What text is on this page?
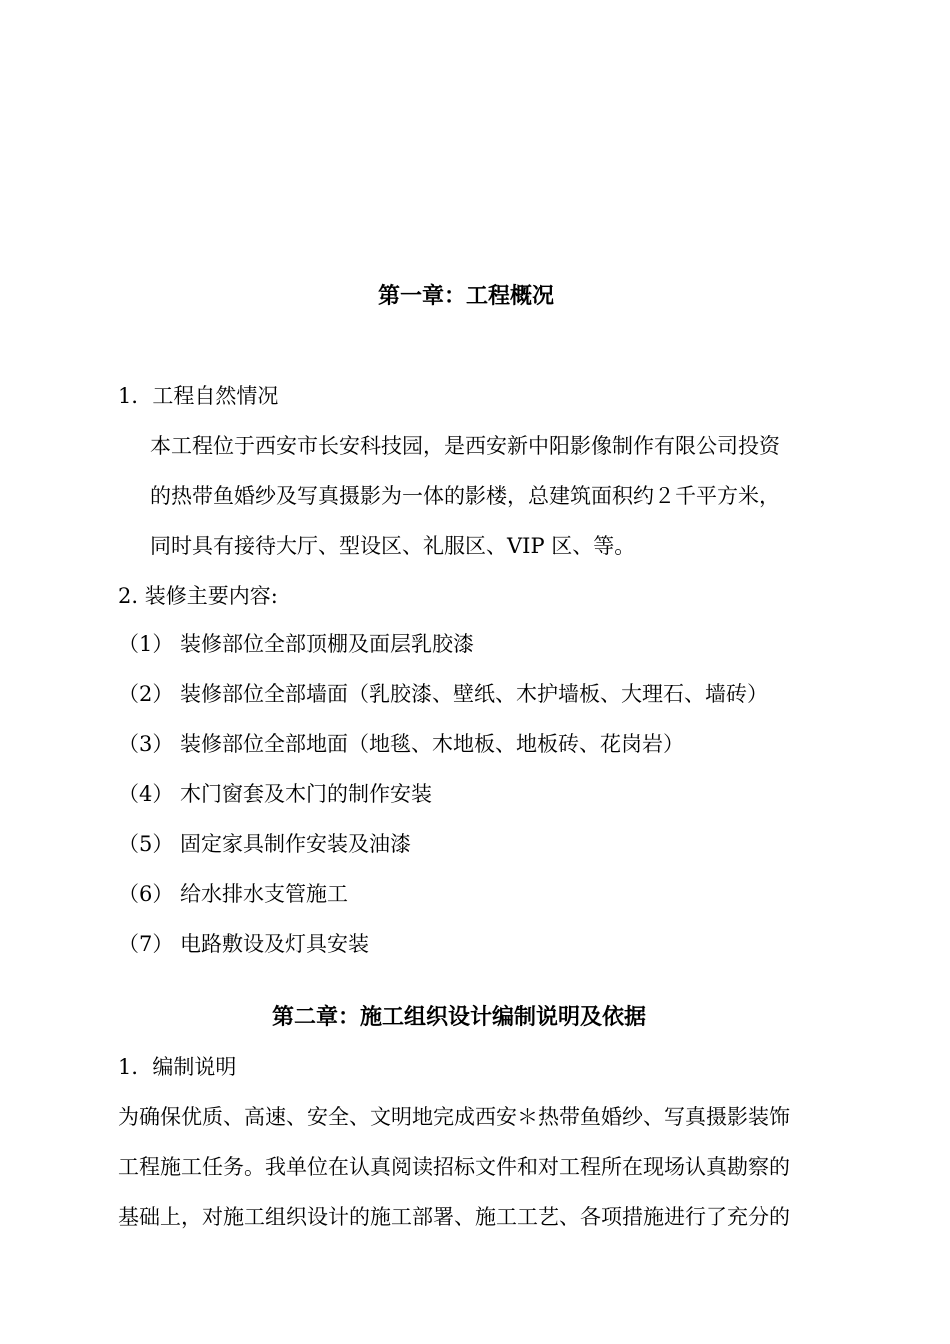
第一章：工程概况
1．工程自然情况
本工程位于西安市长安科技园，是西安新中阳影像制作有限公司投资
的热带鱼婚纱及写真摄影为一体的影楼，总建筑面积约２千平方米，
同时具有接待大厅、型设区、礼服区、VIP 区、等。
2. 装修主要内容:
（1） 装修部位全部顶棚及面层乳胶漆
（2） 装修部位全部墙面（乳胶漆、壁纸、木护墙板、大理石、墙砖）
（3） 装修部位全部地面（地毯、木地板、地板砖、花岗岩）
（4） 木门窗套及木门的制作安装
（5） 固定家具制作安装及油漆
（6） 给水排水支管施工
（7） 电路敷设及灯具安装
第二章：施工组织设计编制说明及依据
1．编制说明
为确保优质、高速、安全、文明地完成西安＊热带鱼婚纱、写真摄影装饰
工程施工任务。我单位在认真阅读招标文件和对工程所在现场认真勘察的
基础上，对施工组织设计的施工部署、施工工艺、各项措施进行了充分的
